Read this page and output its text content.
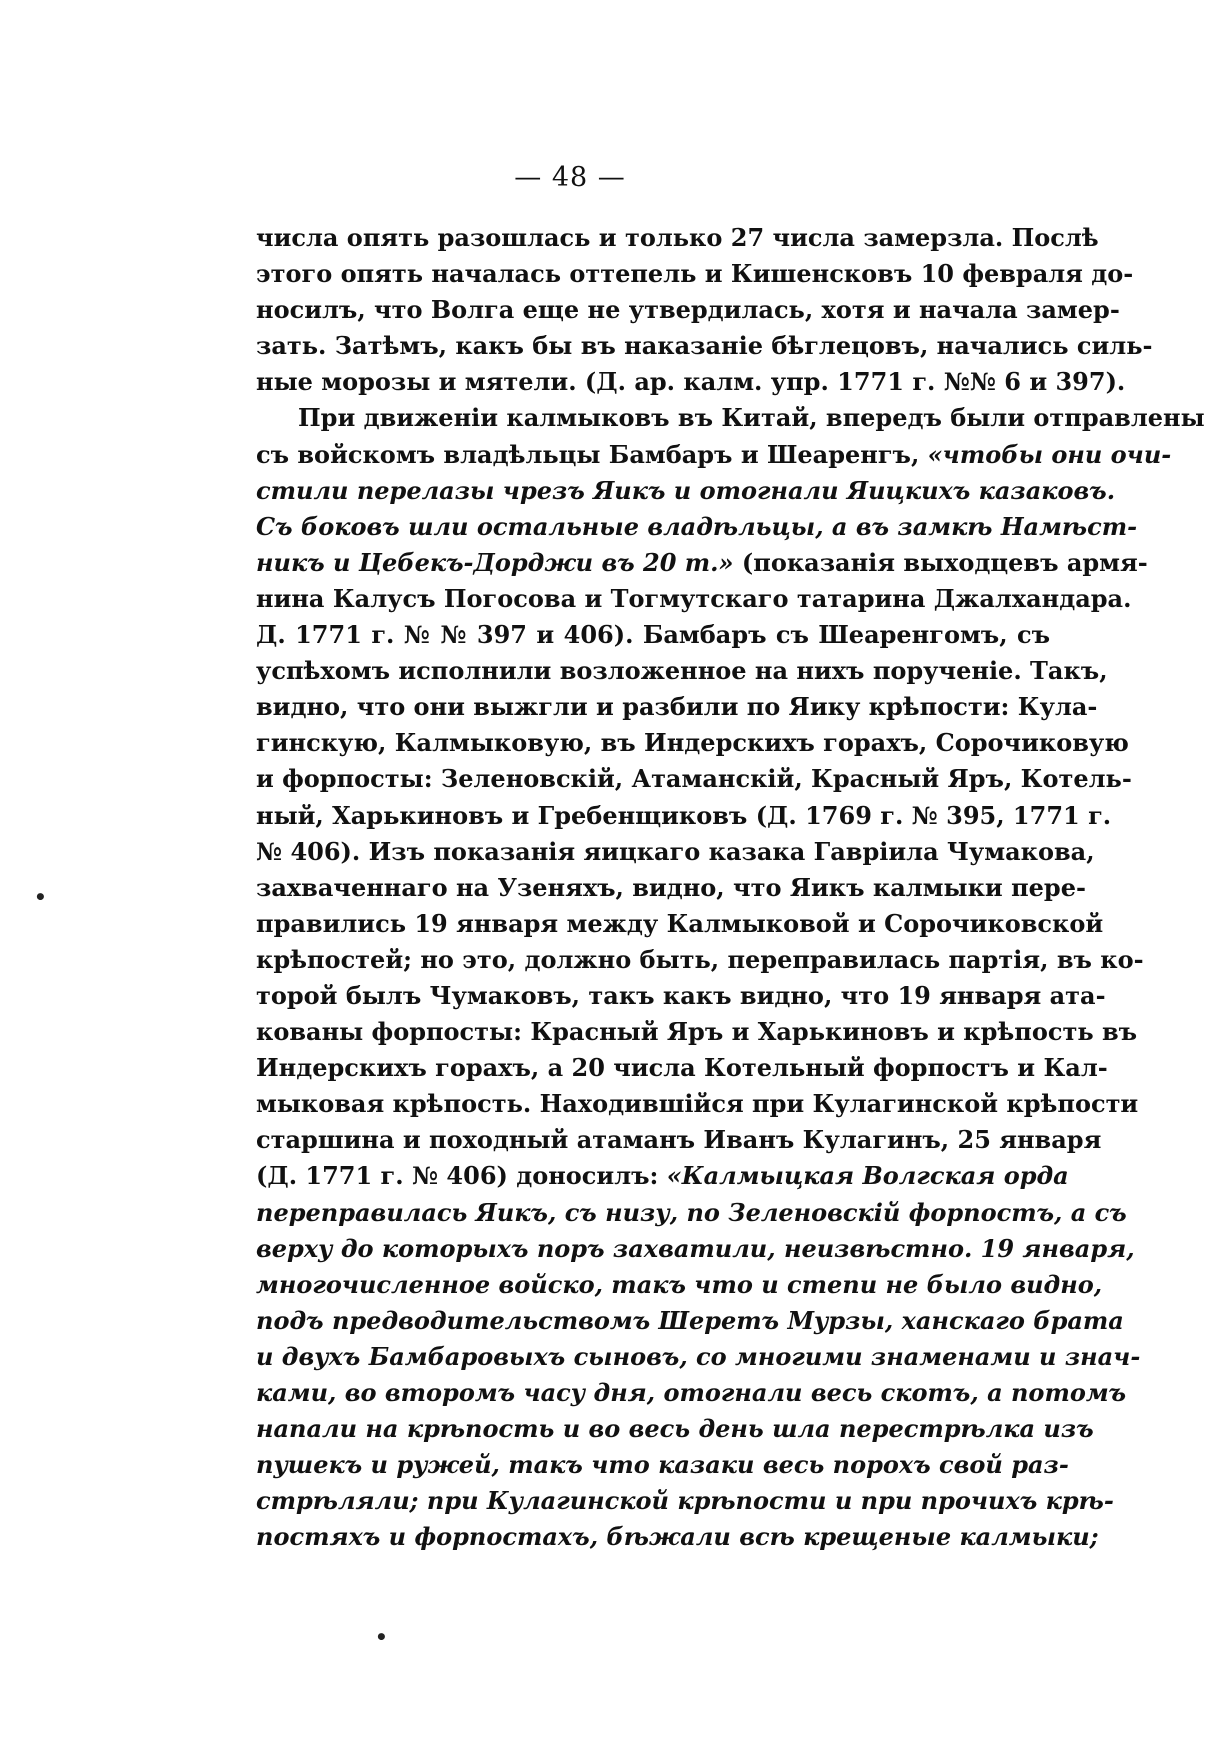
— 48 —
числа опять разошлась и только 27 числа замерзла. Послѣ
этого опять началась оттепель и Кишенсковъ 10 февраля до-
носилъ, что Волга еще не утвердилась, хотя и начала замер-
зать. Затѣмъ, какъ бы въ наказаніе бѣглецовъ, начались силь-
ные морозы и мятели. (Д. ар. калм. упр. 1771 г. №№ 6 и 397).
При движеніи калмыковъ въ Китай, впередъ были отправлены
съ войскомъ владѣльцы Бамбаръ и Шеаренгъ, «чтобы они очи-
стили перелазы чрезъ Яикъ и отогнали Яицкихъ казаковъ.
Съ боковъ шли остальные владѣльцы, а въ замкѣ Намѣст-
никъ и Цебекъ-Дорджи въ 20 т.» (показанія выходцевъ армя-
нина Калусъ Погосова и Тогмутскаго татарина Джалхандара.
Д. 1771 г. № № 397 и 406). Бамбаръ съ Шеаренгомъ, съ
успѣхомъ исполнили возложенное на нихъ порученіе. Такъ,
видно, что они выжгли и разбили по Яику крѣпости: Кула-
гинскую, Калмыковую, въ Индерскихъ горахъ, Сорочиковую
и форпосты: Зеленовскій, Атаманскій, Красный Яръ, Котель-
ный, Харькиновъ и Гребенщиковъ (Д. 1769 г. № 395, 1771 г.
№ 406). Изъ показанія яицкаго казака Гавріила Чумакова,
захваченнаго на Узеняхъ, видно, что Яикъ калмыки пере-
правились 19 января между Калмыковой и Сорочиковской
крѣпостей; но это, должно быть, переправилась партія, въ ко-
торой былъ Чумаковъ, такъ какъ видно, что 19 января ата-
кованы форпосты: Красный Яръ и Харькиновъ и крѣпость въ
Индерскихъ горахъ, а 20 числа Котельный форпостъ и Кал-
мыковая крѣпость. Находившійся при Кулагинской крѣпости
старшина и походный атаманъ Иванъ Кулагинъ, 25 января
(Д. 1771 г. № 406) доносилъ: «Калмыцкая Волгская орда
переправилась Яикъ, съ низу, по Зеленовскій форпостъ, а съ
верху до которыхъ поръ захватили, неизвѣстно. 19 января,
многочисленное войско, такъ что и степи не было видно,
подъ предводительствомъ Шеретъ Мурзы, ханскаго брата
и двухъ Бамбаровыхъ сыновъ, со многими знаменами и знач-
ками, во второмъ часу дня, отогнали весь скотъ, а потомъ
напали на крѣпость и во весь день шла перестрѣлка изъ
пушекъ и ружей, такъ что казаки весь порохъ свой раз-
стрѣляли; при Кулагинской крѣпости и при прочихъ крѣ-
постяхъ и форпостахъ, бѣжали всѣ крещеные калмыки;
•
•
